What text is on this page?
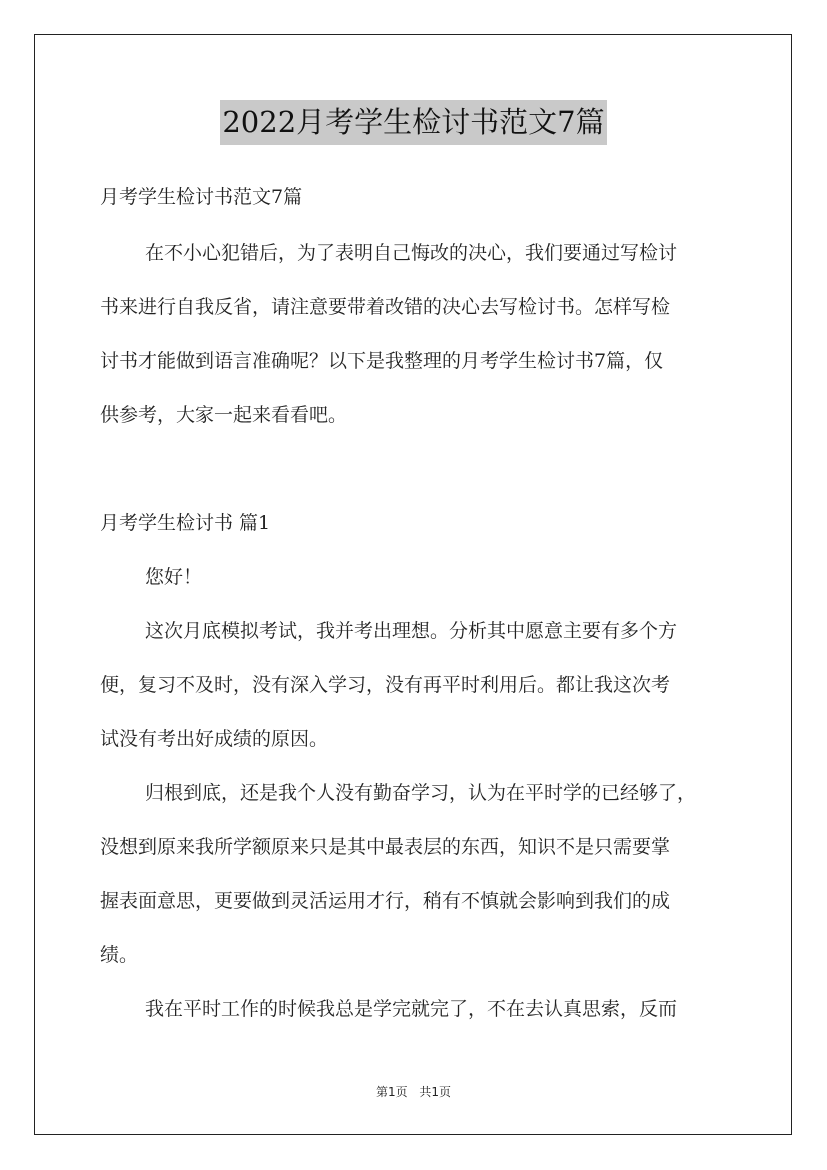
2022月考学生检讨书范文7篇
月考学生检讨书范文7篇
在不小心犯错后，为了表明自己悔改的决心，我们要通过写检讨
书来进行自我反省，请注意要带着改错的决心去写检讨书。怎样写检
讨书才能做到语言准确呢？以下是我整理的月考学生检讨书7篇，仅
供参考，大家一起来看看吧。
月考学生检讨书 篇1
您好！
这次月底模拟考试，我并考出理想。分析其中愿意主要有多个方
便，复习不及时，没有深入学习，没有再平时利用后。都让我这次考
试没有考出好成绩的原因。
归根到底，还是我个人没有勤奋学习，认为在平时学的已经够了，
没想到原来我所学额原来只是其中最表层的东西，知识不是只需要掌
握表面意思，更要做到灵活运用才行，稍有不慎就会影响到我们的成
绩。
我在平时工作的时候我总是学完就完了，不在去认真思索，反而
第1页 共1页
